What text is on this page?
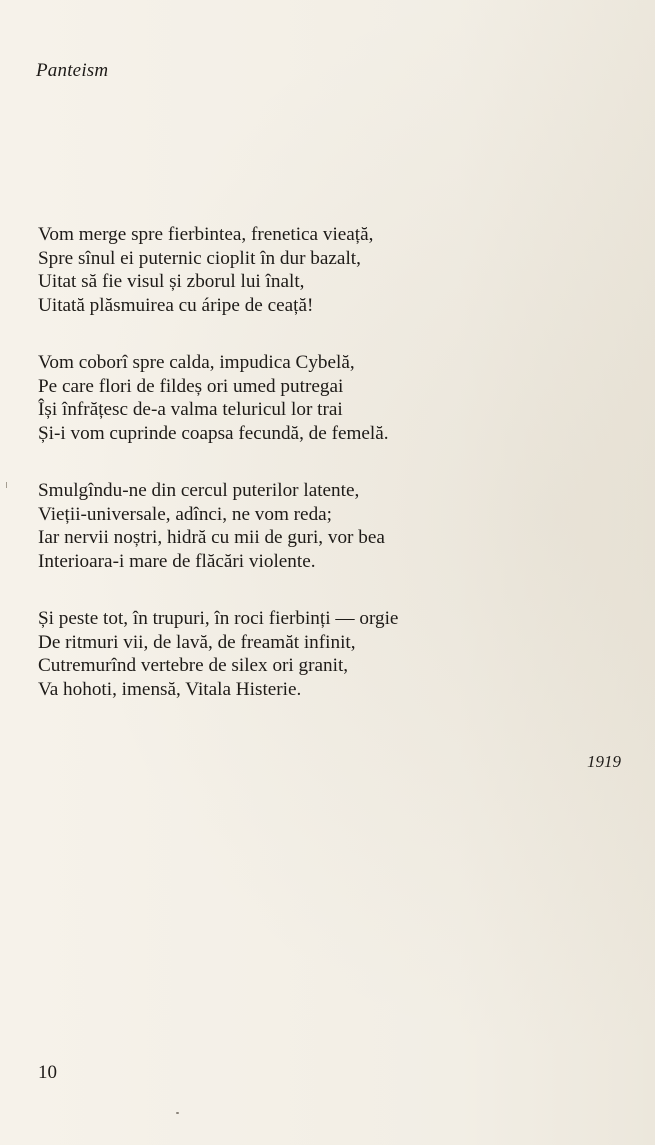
Panteism
Vom merge spre fierbintea, frenetica vieață,
Spre sînul ei puternic cioplit în dur bazalt,
Uitat să fie visul și zborul lui înalt,
Uitată plăsmuirea cu áripe de ceață!
Vom coborî spre calda, impudica Cybelă,
Pe care flori de fildeș ori umed putregai
Își înfrățesc de-a valma teluricul lor trai
Și-i vom cuprinde coapsa fecundă, de femelă.
Smulgîndu-ne din cercul puterilor latente,
Vieții-universale, adînci, ne vom reda;
Iar nervii noștri, hidră cu mii de guri, vor bea
Interioara-i mare de flăcări violente.
Și peste tot, în trupuri, în roci fierbinți — orgie
De ritmuri vii, de lavă, de freamăt infinit,
Cutremurînd vertebre de silex ori granit,
Va hohoti, imensă, Vitala Histerie.
1919
10
